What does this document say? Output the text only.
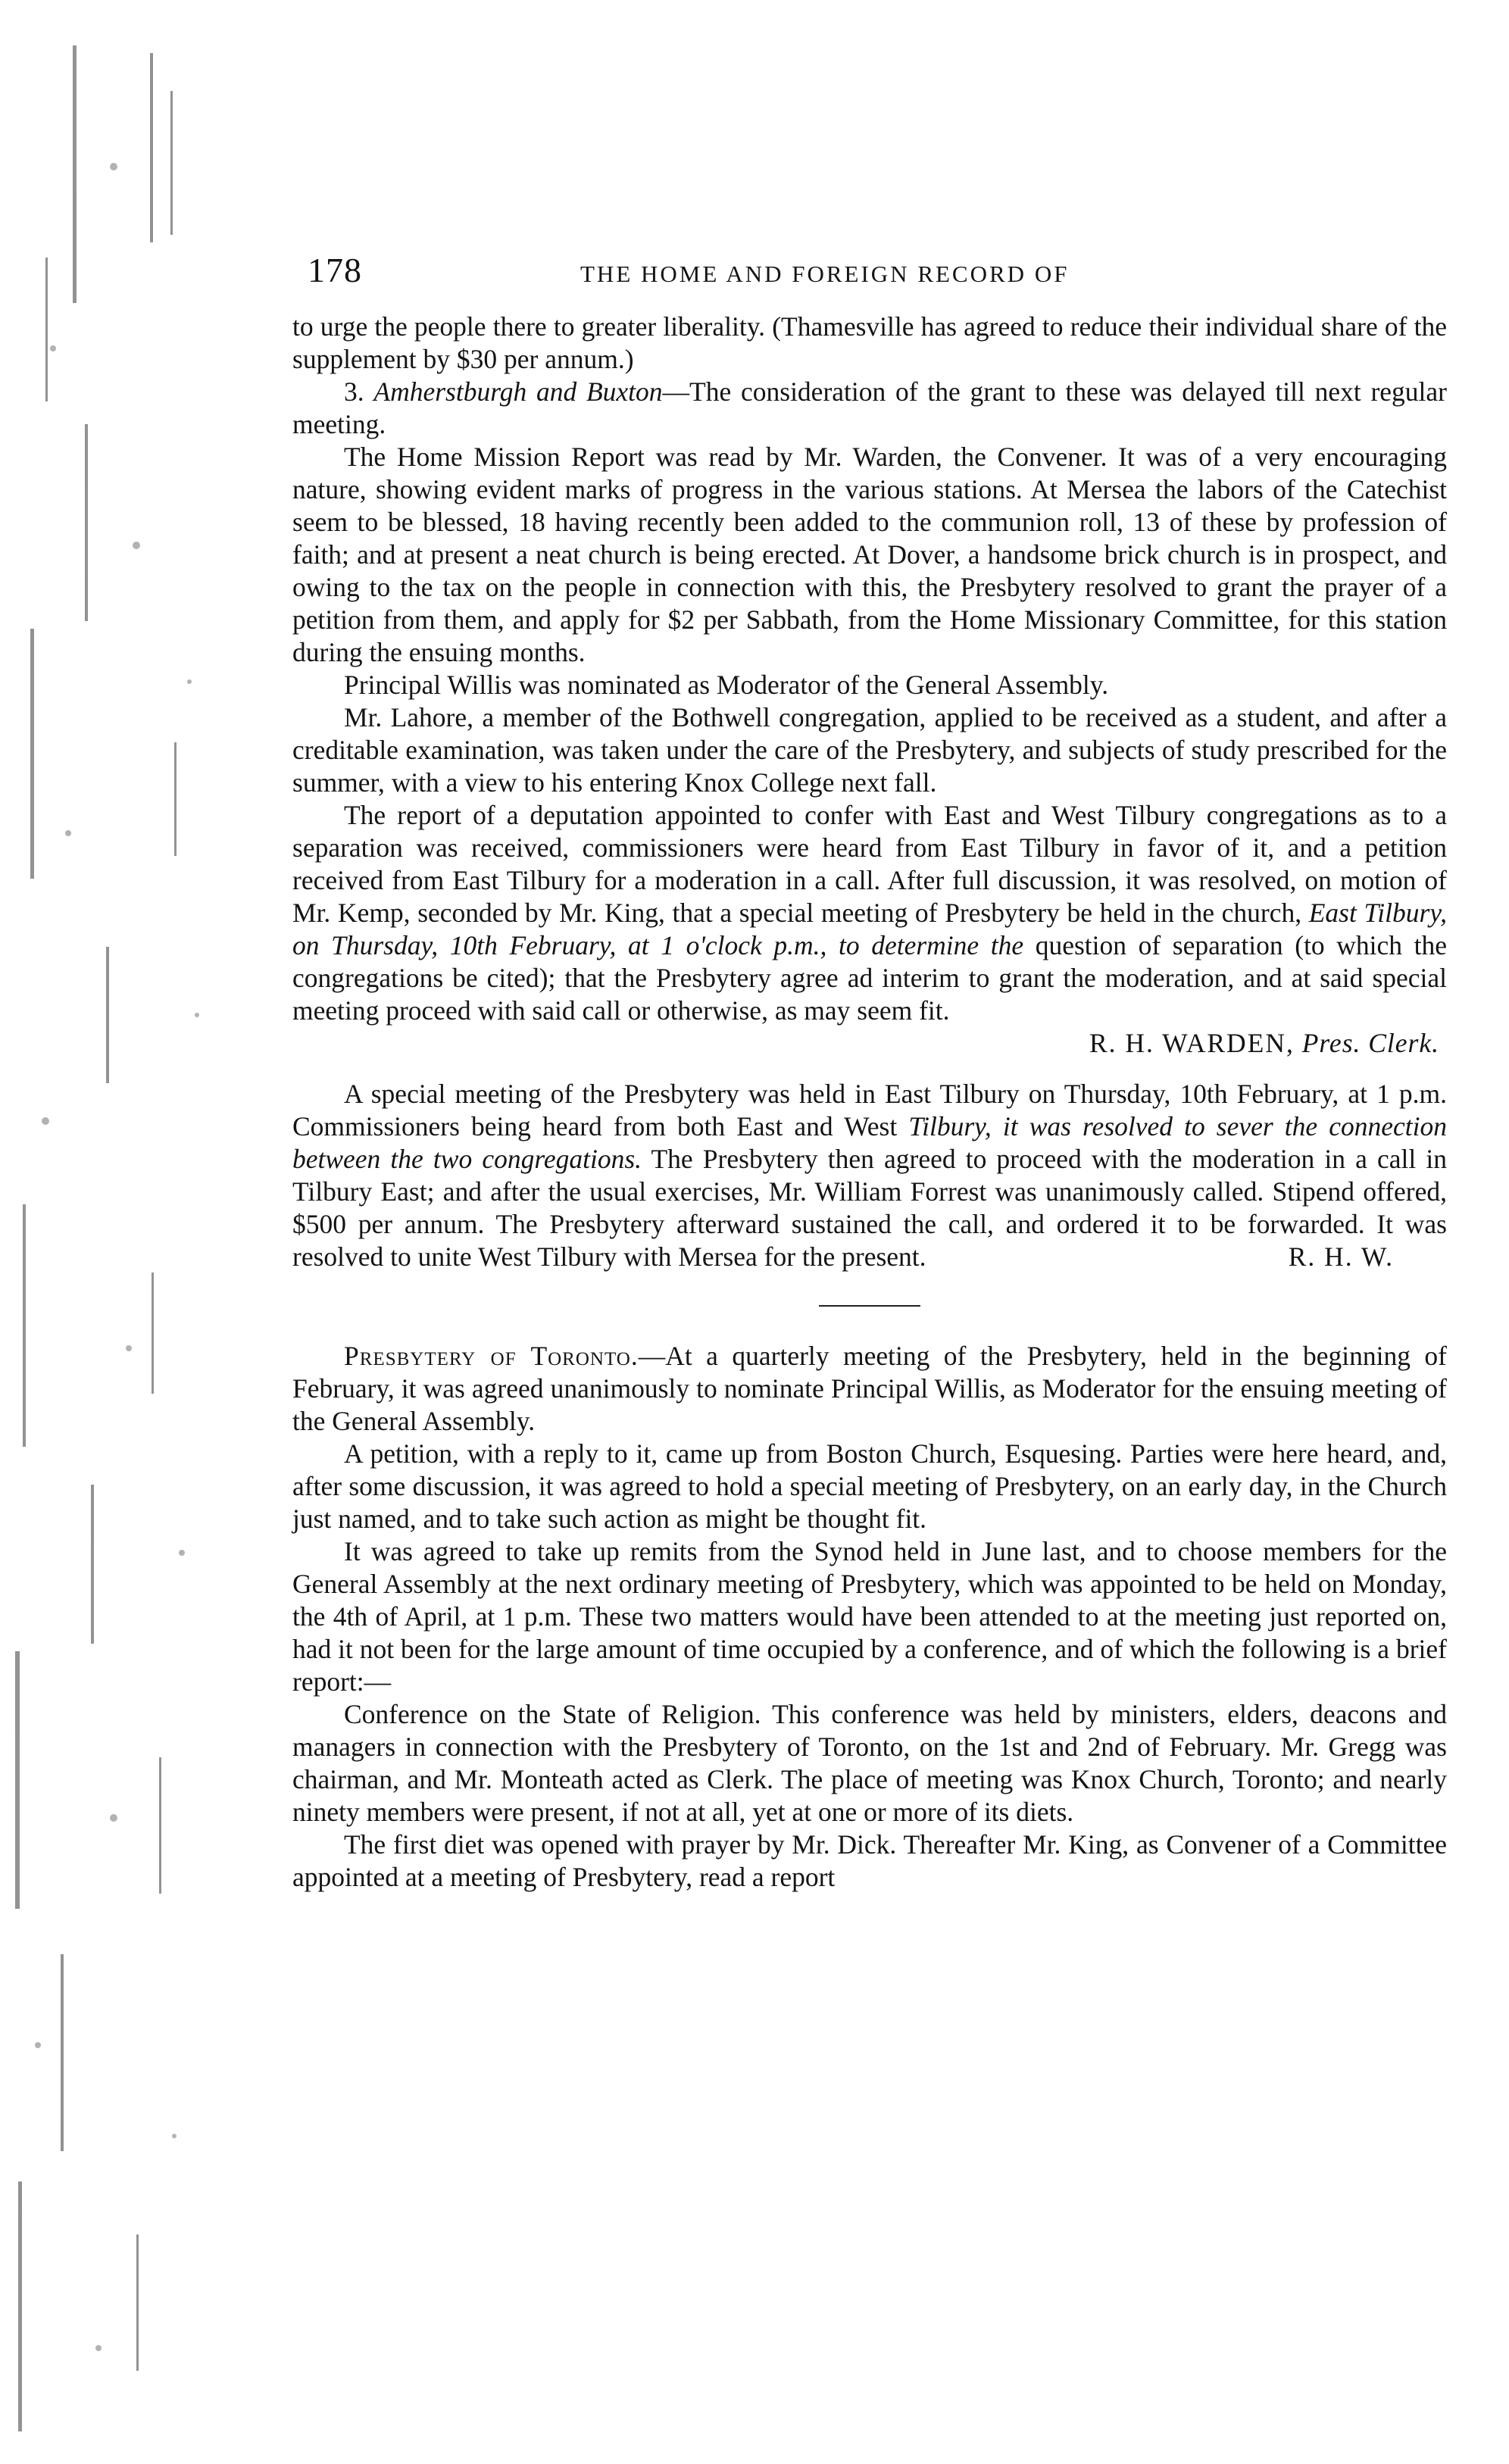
178	THE HOME AND FOREIGN RECORD OF

to urge the people there to greater liberality. (Thamesville has agreed to reduce their individual share of the supplement by $30 per annum.)

3. Amherstburgh and Buxton—The consideration of the grant to these was delayed till next regular meeting.

The Home Mission Report was read by Mr. Warden, the Convener. It was of a very encouraging nature, showing evident marks of progress in the various stations. At Mersea the labors of the Catechist seem to be blessed, 18 having recently been added to the communion roll, 13 of these by profession of faith; and at present a neat church is being erected. At Dover, a handsome brick church is in prospect, and owing to the tax on the people in connection with this, the Presbytery resolved to grant the prayer of a petition from them, and apply for $2 per Sabbath, from the Home Missionary Committee, for this station during the ensuing months.

Principal Willis was nominated as Moderator of the General Assembly.

Mr. Lahore, a member of the Bothwell congregation, applied to be received as a student, and after a creditable examination, was taken under the care of the Presbytery, and subjects of study prescribed for the summer, with a view to his entering Knox College next fall.

The report of a deputation appointed to confer with East and West Tilbury congregations as to a separation was received, commissioners were heard from East Tilbury in favor of it, and a petition received from East Tilbury for a moderation in a call. After full discussion, it was resolved, on motion of Mr. Kemp, seconded by Mr. King, that a special meeting of Presbytery be held in the church, East Tilbury, on Thursday, 10th February, at 1 o'clock p.m., to determine the question of separation (to which the congregations be cited); that the Presbytery agree ad interim to grant the moderation, and at said special meeting proceed with said call or otherwise, as may seem fit.

R. H. WARDEN, Pres. Clerk.

A special meeting of the Presbytery was held in East Tilbury on Thursday, 10th February, at 1 p.m. Commissioners being heard from both East and West Tilbury, it was resolved to sever the connection between the two congregations. The Presbytery then agreed to proceed with the moderation in a call in Tilbury East; and after the usual exercises, Mr. William Forrest was unanimously called. Stipend offered, $500 per annum. The Presbytery afterward sustained the call, and ordered it to be forwarded. It was resolved to unite West Tilbury with Mersea for the present.	R. H. W.

Presbytery of Toronto.—At a quarterly meeting of the Presbytery, held in the beginning of February, it was agreed unanimously to nominate Principal Willis, as Moderator for the ensuing meeting of the General Assembly.

A petition, with a reply to it, came up from Boston Church, Esquesing. Parties were here heard, and, after some discussion, it was agreed to hold a special meeting of Presbytery, on an early day, in the Church just named, and to take such action as might be thought fit.

It was agreed to take up remits from the Synod held in June last, and to choose members for the General Assembly at the next ordinary meeting of Presbytery, which was appointed to be held on Monday, the 4th of April, at 1 p.m. These two matters would have been attended to at the meeting just reported on, had it not been for the large amount of time occupied by a conference, and of which the following is a brief report:—

Conference on the State of Religion. This conference was held by ministers, elders, deacons and managers in connection with the Presbytery of Toronto, on the 1st and 2nd of February. Mr. Gregg was chairman, and Mr. Monteath acted as Clerk. The place of meeting was Knox Church, Toronto; and nearly ninety members were present, if not at all, yet at one or more of its diets.

The first diet was opened with prayer by Mr. Dick. Thereafter Mr. King, as Convener of a Committee appointed at a meeting of Presbytery, read a report
